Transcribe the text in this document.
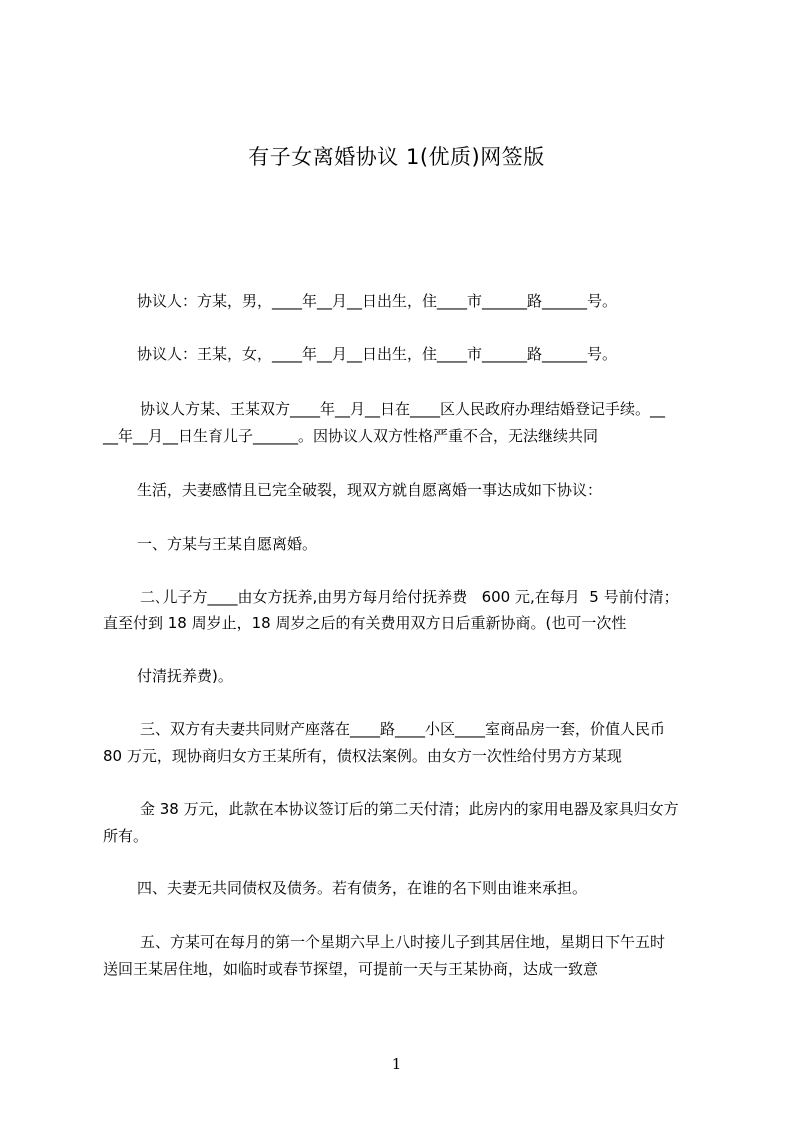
有子女离婚协议 1(优质)网签版
协议人：方某，男，____年__月__日出生，住____市______路______号。
协议人：王某，女，____年__月__日出生，住____市______路______号。
协议人方某、王某双方____年__月__日在____区人民政府办理结婚登记手续。__
__年__月__日生育儿子______。因协议人双方性格严重不合，无法继续共同
生活，夫妻感情且已完全破裂，现双方就自愿离婚一事达成如下协议：
一、方某与王某自愿离婚。
二､儿子方____由女方抚养,由男方每月给付抚养费   600 元,在每月  5 号前付清；
直至付到 18 周岁止，18 周岁之后的有关费用双方日后重新协商。(也可一次性
付清抚养费)。
三、双方有夫妻共同财产座落在____路____小区____室商品房一套，价值人民币
80 万元，现协商归女方王某所有，债权法案例。由女方一次性给付男方方某现
金 38 万元，此款在本协议签订后的第二天付清；此房内的家用电器及家具归女方
所有。
四、夫妻无共同债权及债务。若有债务，在谁的名下则由谁来承担。
五、方某可在每月的第一个星期六早上八时接儿子到其居住地，星期日下午五时
送回王某居住地，如临时或春节探望，可提前一天与王某协商，达成一致意
1
